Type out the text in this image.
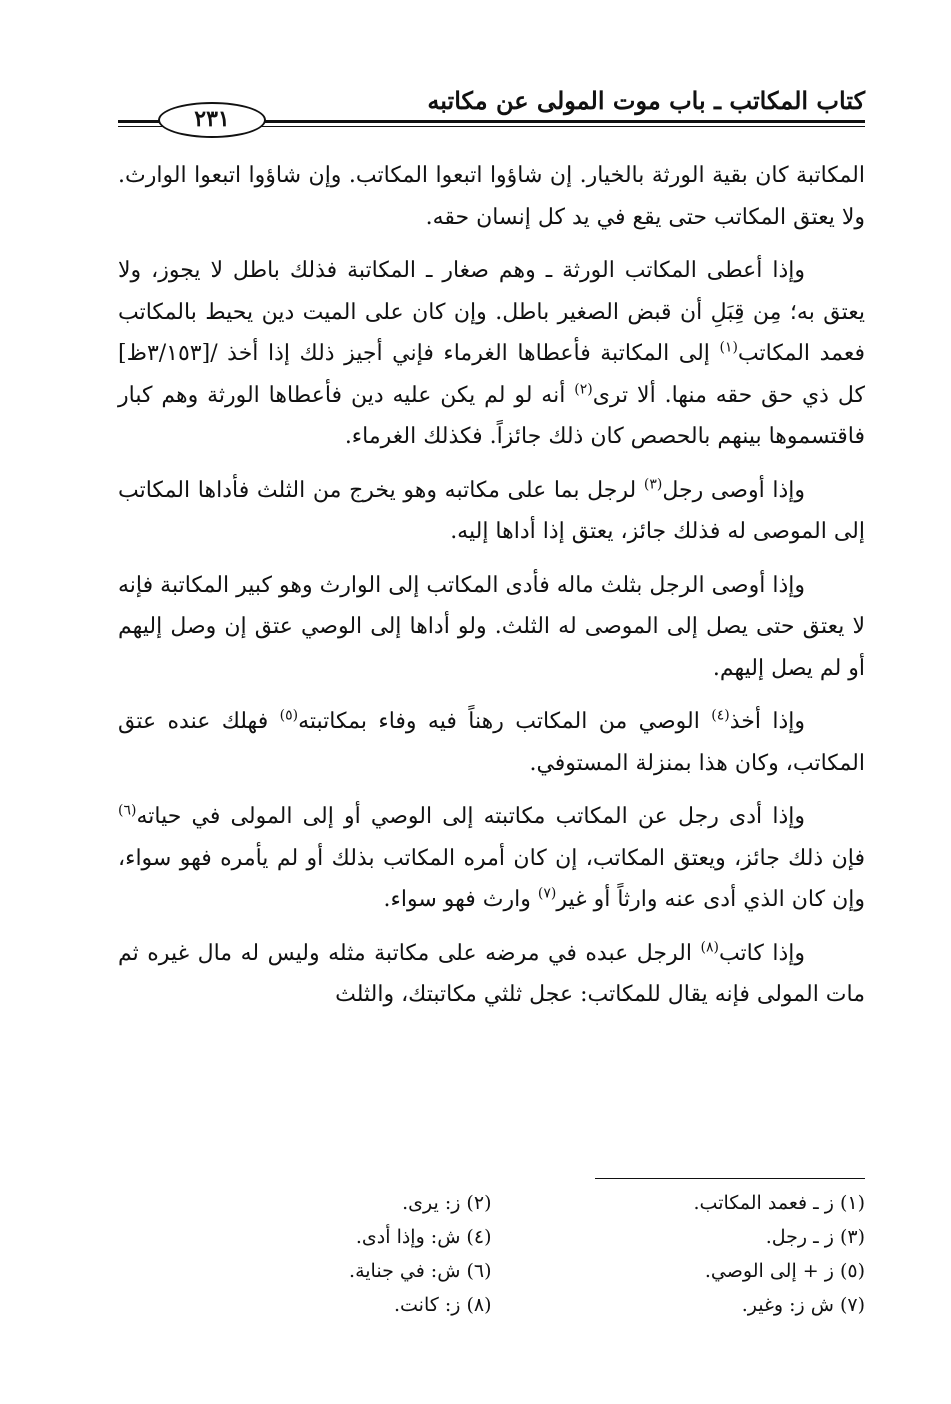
كتاب المكاتب ـ باب موت المولى عن مكاتبه
٢٣١

المكاتبة كان بقية الورثة بالخيار. إن شاؤوا اتبعوا المكاتب. وإن شاؤوا اتبعوا الوارث. ولا يعتق المكاتب حتى يقع في يد كل إنسان حقه.

وإذا أعطى المكاتب الورثة ـ وهم صغار ـ المكاتبة فذلك باطل لا يجوز، ولا يعتق به؛ مِن قِبَلِ أن قبض الصغير باطل. وإن كان على الميت دين يحيط بالمكاتب فعمد المكاتب$^{(١)}$ إلى المكاتبة فأعطاها الغرماء فإني أجيز ذلك إذا أخذ /[٣/١٥٣ظ] كل ذي حق حقه منها. ألا ترى$^{(٢)}$ أنه لو لم يكن عليه دين فأعطاها الورثة وهم كبار فاقتسموها بينهم بالحصص كان ذلك جائزاً. فكذلك الغرماء.

وإذا أوصى رجل$^{(٣)}$ لرجل بما على مكاتبه وهو يخرج من الثلث فأداها المكاتب إلى الموصى له فذلك جائز، يعتق إذا أداها إليه.

وإذا أوصى الرجل بثلث ماله فأدى المكاتب إلى الوارث وهو كبير المكاتبة فإنه لا يعتق حتى يصل إلى الموصى له الثلث. ولو أداها إلى الوصي عتق إن وصل إليهم أو لم يصل إليهم.

وإذا أخذ$^{(٤)}$ الوصي من المكاتب رهناً فيه وفاء بمكاتبته$^{(٥)}$ فهلك عنده عتق المكاتب، وكان هذا بمنزلة المستوفي.

وإذا أدى رجل عن المكاتب مكاتبته إلى الوصي أو إلى المولى في حياته$^{(٦)}$ فإن ذلك جائز، ويعتق المكاتب، إن كان أمره المكاتب بذلك أو لم يأمره فهو سواء، وإن كان الذي أدى عنه وارثاً أو غير$^{(٧)}$ وارث فهو سواء.

وإذا كاتب$^{(٨)}$ الرجل عبده في مرضه على مكاتبة مثله وليس له مال غيره ثم مات المولى فإنه يقال للمكاتب: عجل ثلثي مكاتبتك، والثلث

(١) ز ـ فعمد المكاتب.
(٢) ز: يرى.
(٣) ز ـ رجل.
(٤) ش: وإذا أدى.
(٥) ز + إلى الوصي.
(٦) ش: في جناية.
(٧) ش ز: وغير.
(٨) ز: كانت.
